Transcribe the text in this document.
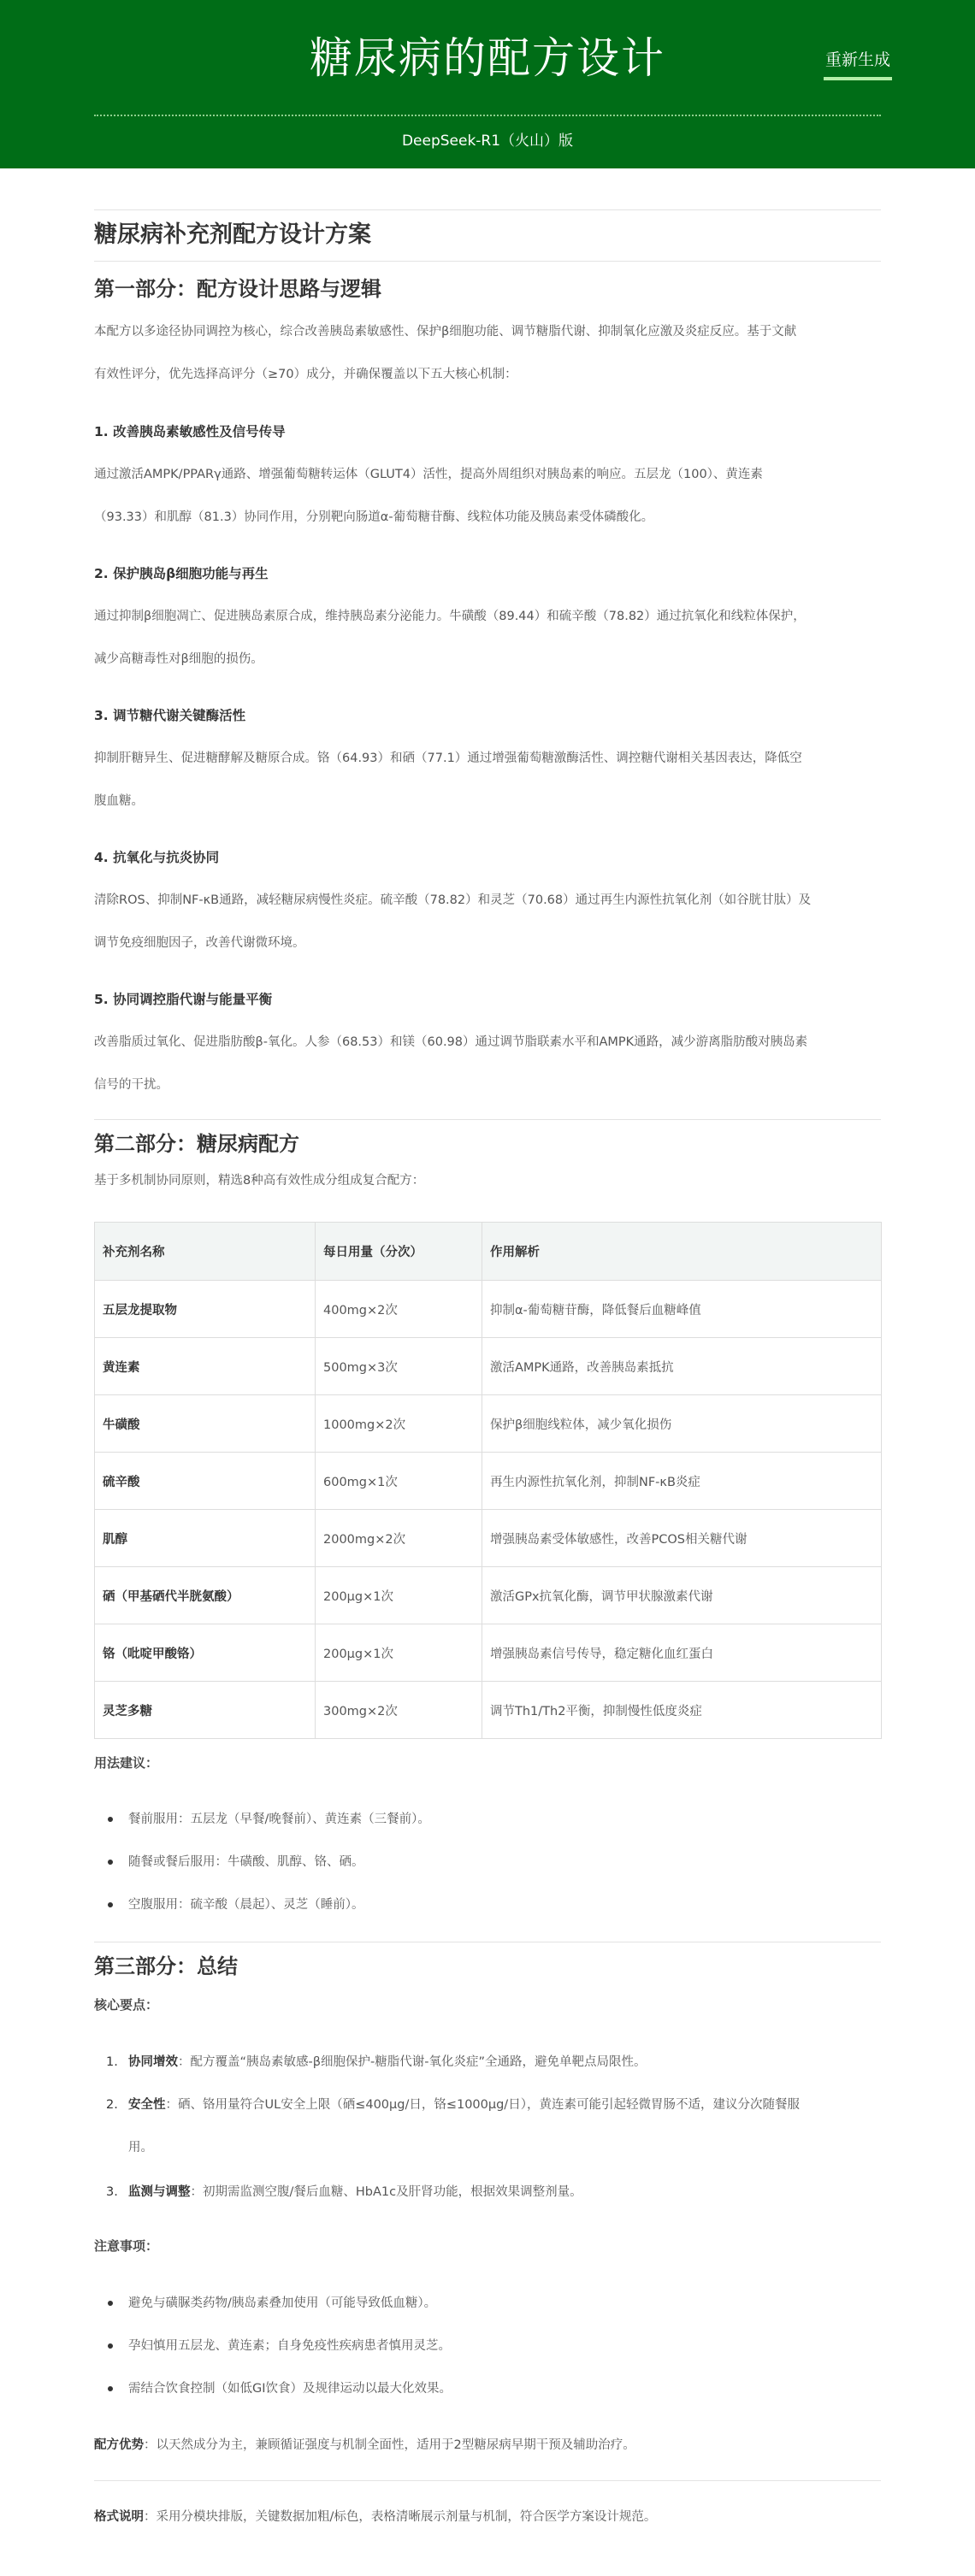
糖尿病的配方设计	重新生成
DeepSeek-R1（火山）版
糖尿病补充剂配方设计方案
第一部分：配方设计思路与逻辑
本配方以多途径协同调控为核心，综合改善胰岛素敏感性、保护β细胞功能、调节糖脂代谢、抑制氧化应激及炎症反应。基于文献
有效性评分，优先选择高评分（≥70）成分，并确保覆盖以下五大核心机制：
1. 改善胰岛素敏感性及信号传导
通过激活AMPK/PPARγ通路、增强葡萄糖转运体（GLUT4）活性，提高外周组织对胰岛素的响应。五层龙（100）、黄连素
（93.33）和肌醇（81.3）协同作用，分别靶向肠道α-葡萄糖苷酶、线粒体功能及胰岛素受体磷酸化。
2. 保护胰岛β细胞功能与再生
通过抑制β细胞凋亡、促进胰岛素原合成，维持胰岛素分泌能力。牛磺酸（89.44）和硫辛酸（78.82）通过抗氧化和线粒体保护，
减少高糖毒性对β细胞的损伤。
3. 调节糖代谢关键酶活性
抑制肝糖异生、促进糖酵解及糖原合成。铬（64.93）和硒（77.1）通过增强葡萄糖激酶活性、调控糖代谢相关基因表达，降低空
腹血糖。
4. 抗氧化与抗炎协同
清除ROS、抑制NF-κB通路，减轻糖尿病慢性炎症。硫辛酸（78.82）和灵芝（70.68）通过再生内源性抗氧化剂（如谷胱甘肽）及
调节免疫细胞因子，改善代谢微环境。
5. 协同调控脂代谢与能量平衡
改善脂质过氧化、促进脂肪酸β-氧化。人参（68.53）和镁（60.98）通过调节脂联素水平和AMPK通路，减少游离脂肪酸对胰岛素
信号的干扰。
第二部分：糖尿病配方
基于多机制协同原则，精选8种高有效性成分组成复合配方：
补充剂名称	每日用量（分次）	作用解析
五层龙提取物	400mg×2次	抑制α-葡萄糖苷酶，降低餐后血糖峰值
黄连素	500mg×3次	激活AMPK通路，改善胰岛素抵抗
牛磺酸	1000mg×2次	保护β细胞线粒体，减少氧化损伤
硫辛酸	600mg×1次	再生内源性抗氧化剂，抑制NF-κB炎症
肌醇	2000mg×2次	增强胰岛素受体敏感性，改善PCOS相关糖代谢
硒（甲基硒代半胱氨酸）	200μg×1次	激活GPx抗氧化酶，调节甲状腺激素代谢
铬（吡啶甲酸铬）	200μg×1次	增强胰岛素信号传导，稳定糖化血红蛋白
灵芝多糖	300mg×2次	调节Th1/Th2平衡，抑制慢性低度炎症
用法建议：
餐前服用：五层龙（早餐/晚餐前）、黄连素（三餐前）。
随餐或餐后服用：牛磺酸、肌醇、铬、硒。
空腹服用：硫辛酸（晨起）、灵芝（睡前）。
第三部分：总结
核心要点：
1. 协同增效：配方覆盖“胰岛素敏感-β细胞保护-糖脂代谢-氧化炎症”全通路，避免单靶点局限性。
2. 安全性：硒、铬用量符合UL安全上限（硒≤400μg/日，铬≤1000μg/日），黄连素可能引起轻微胃肠不适，建议分次随餐服
用。
3. 监测与调整：初期需监测空腹/餐后血糖、HbA1c及肝肾功能，根据效果调整剂量。
注意事项：
避免与磺脲类药物/胰岛素叠加使用（可能导致低血糖）。
孕妇慎用五层龙、黄连素；自身免疫性疾病患者慎用灵芝。
需结合饮食控制（如低GI饮食）及规律运动以最大化效果。
配方优势：以天然成分为主，兼顾循证强度与机制全面性，适用于2型糖尿病早期干预及辅助治疗。
格式说明：采用分模块排版，关键数据加粗/标色，表格清晰展示剂量与机制，符合医学方案设计规范。
